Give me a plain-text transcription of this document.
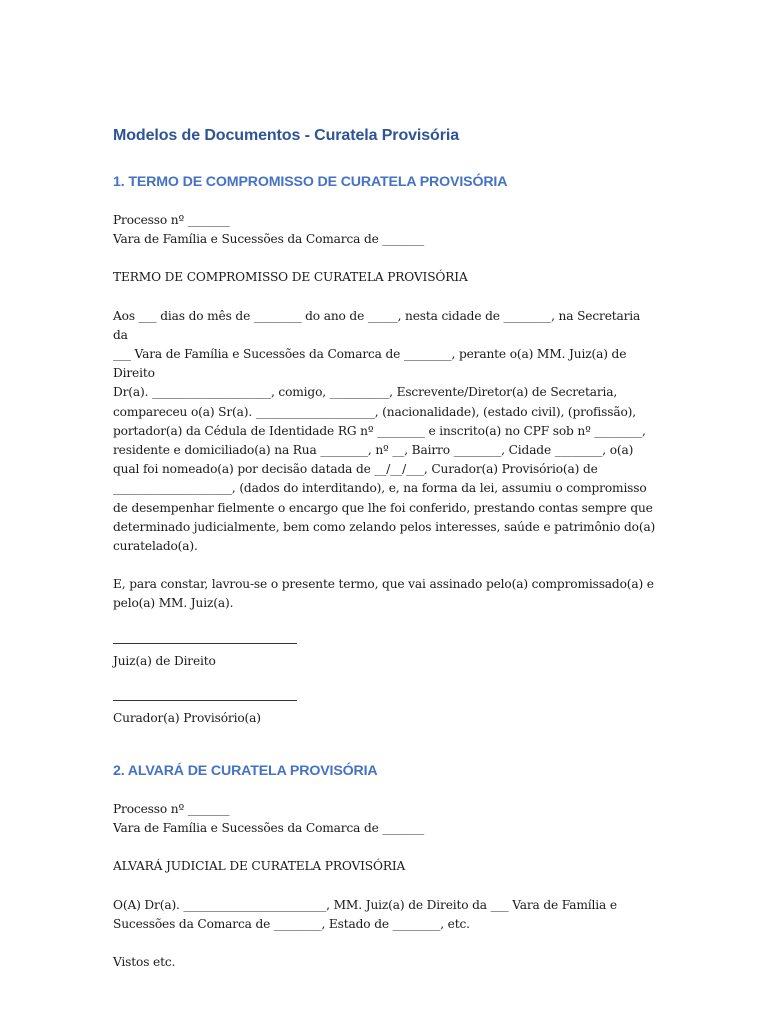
Modelos de Documentos - Curatela Provisória
1. TERMO DE COMPROMISSO DE CURATELA PROVISÓRIA

Processo nº _______

Vara de Família e Sucessões da Comarca de _______

TERMO DE COMPROMISSO DE CURATELA PROVISÓRIA

Aos ___ dias do mês de ________ do ano de _____, nesta cidade de ________, na Secretaria da

___ Vara de Família e Sucessões da Comarca de ________, perante o(a) MM. Juiz(a) de Direito

Dr(a). ____________________, comigo, __________, Escrevente/Diretor(a) de Secretaria,

compareceu o(a) Sr(a). ____________________, (nacionalidade), (estado civil), (profissão),

portador(a) da Cédula de Identidade RG nº ________ e inscrito(a) no CPF sob nº ________,

residente e domiciliado(a) na Rua ________, nº __, Bairro ________, Cidade ________, o(a)

qual foi nomeado(a) por decisão datada de __/__/___, Curador(a) Provisório(a) de

____________________, (dados do interditando), e, na forma da lei, assumiu o compromisso

de desempenhar fielmente o encargo que lhe foi conferido, prestando contas sempre que

determinado judicialmente, bem como zelando pelos interesses, saúde e patrimônio do(a)

curatelado(a).

E, para constar, lavrou-se o presente termo, que vai assinado pelo(a) compromissado(a) e

pelo(a) MM. Juiz(a).

Juiz(a) de Direito

Curador(a) Provisório(a)

2. ALVARÁ DE CURATELA PROVISÓRIA

Processo nº _______

Vara de Família e Sucessões da Comarca de _______

ALVARÁ JUDICIAL DE CURATELA PROVISÓRIA

O(A) Dr(a). ________________________, MM. Juiz(a) de Direito da ___ Vara de Família e

Sucessões da Comarca de ________, Estado de ________, etc.

Vistos etc.
